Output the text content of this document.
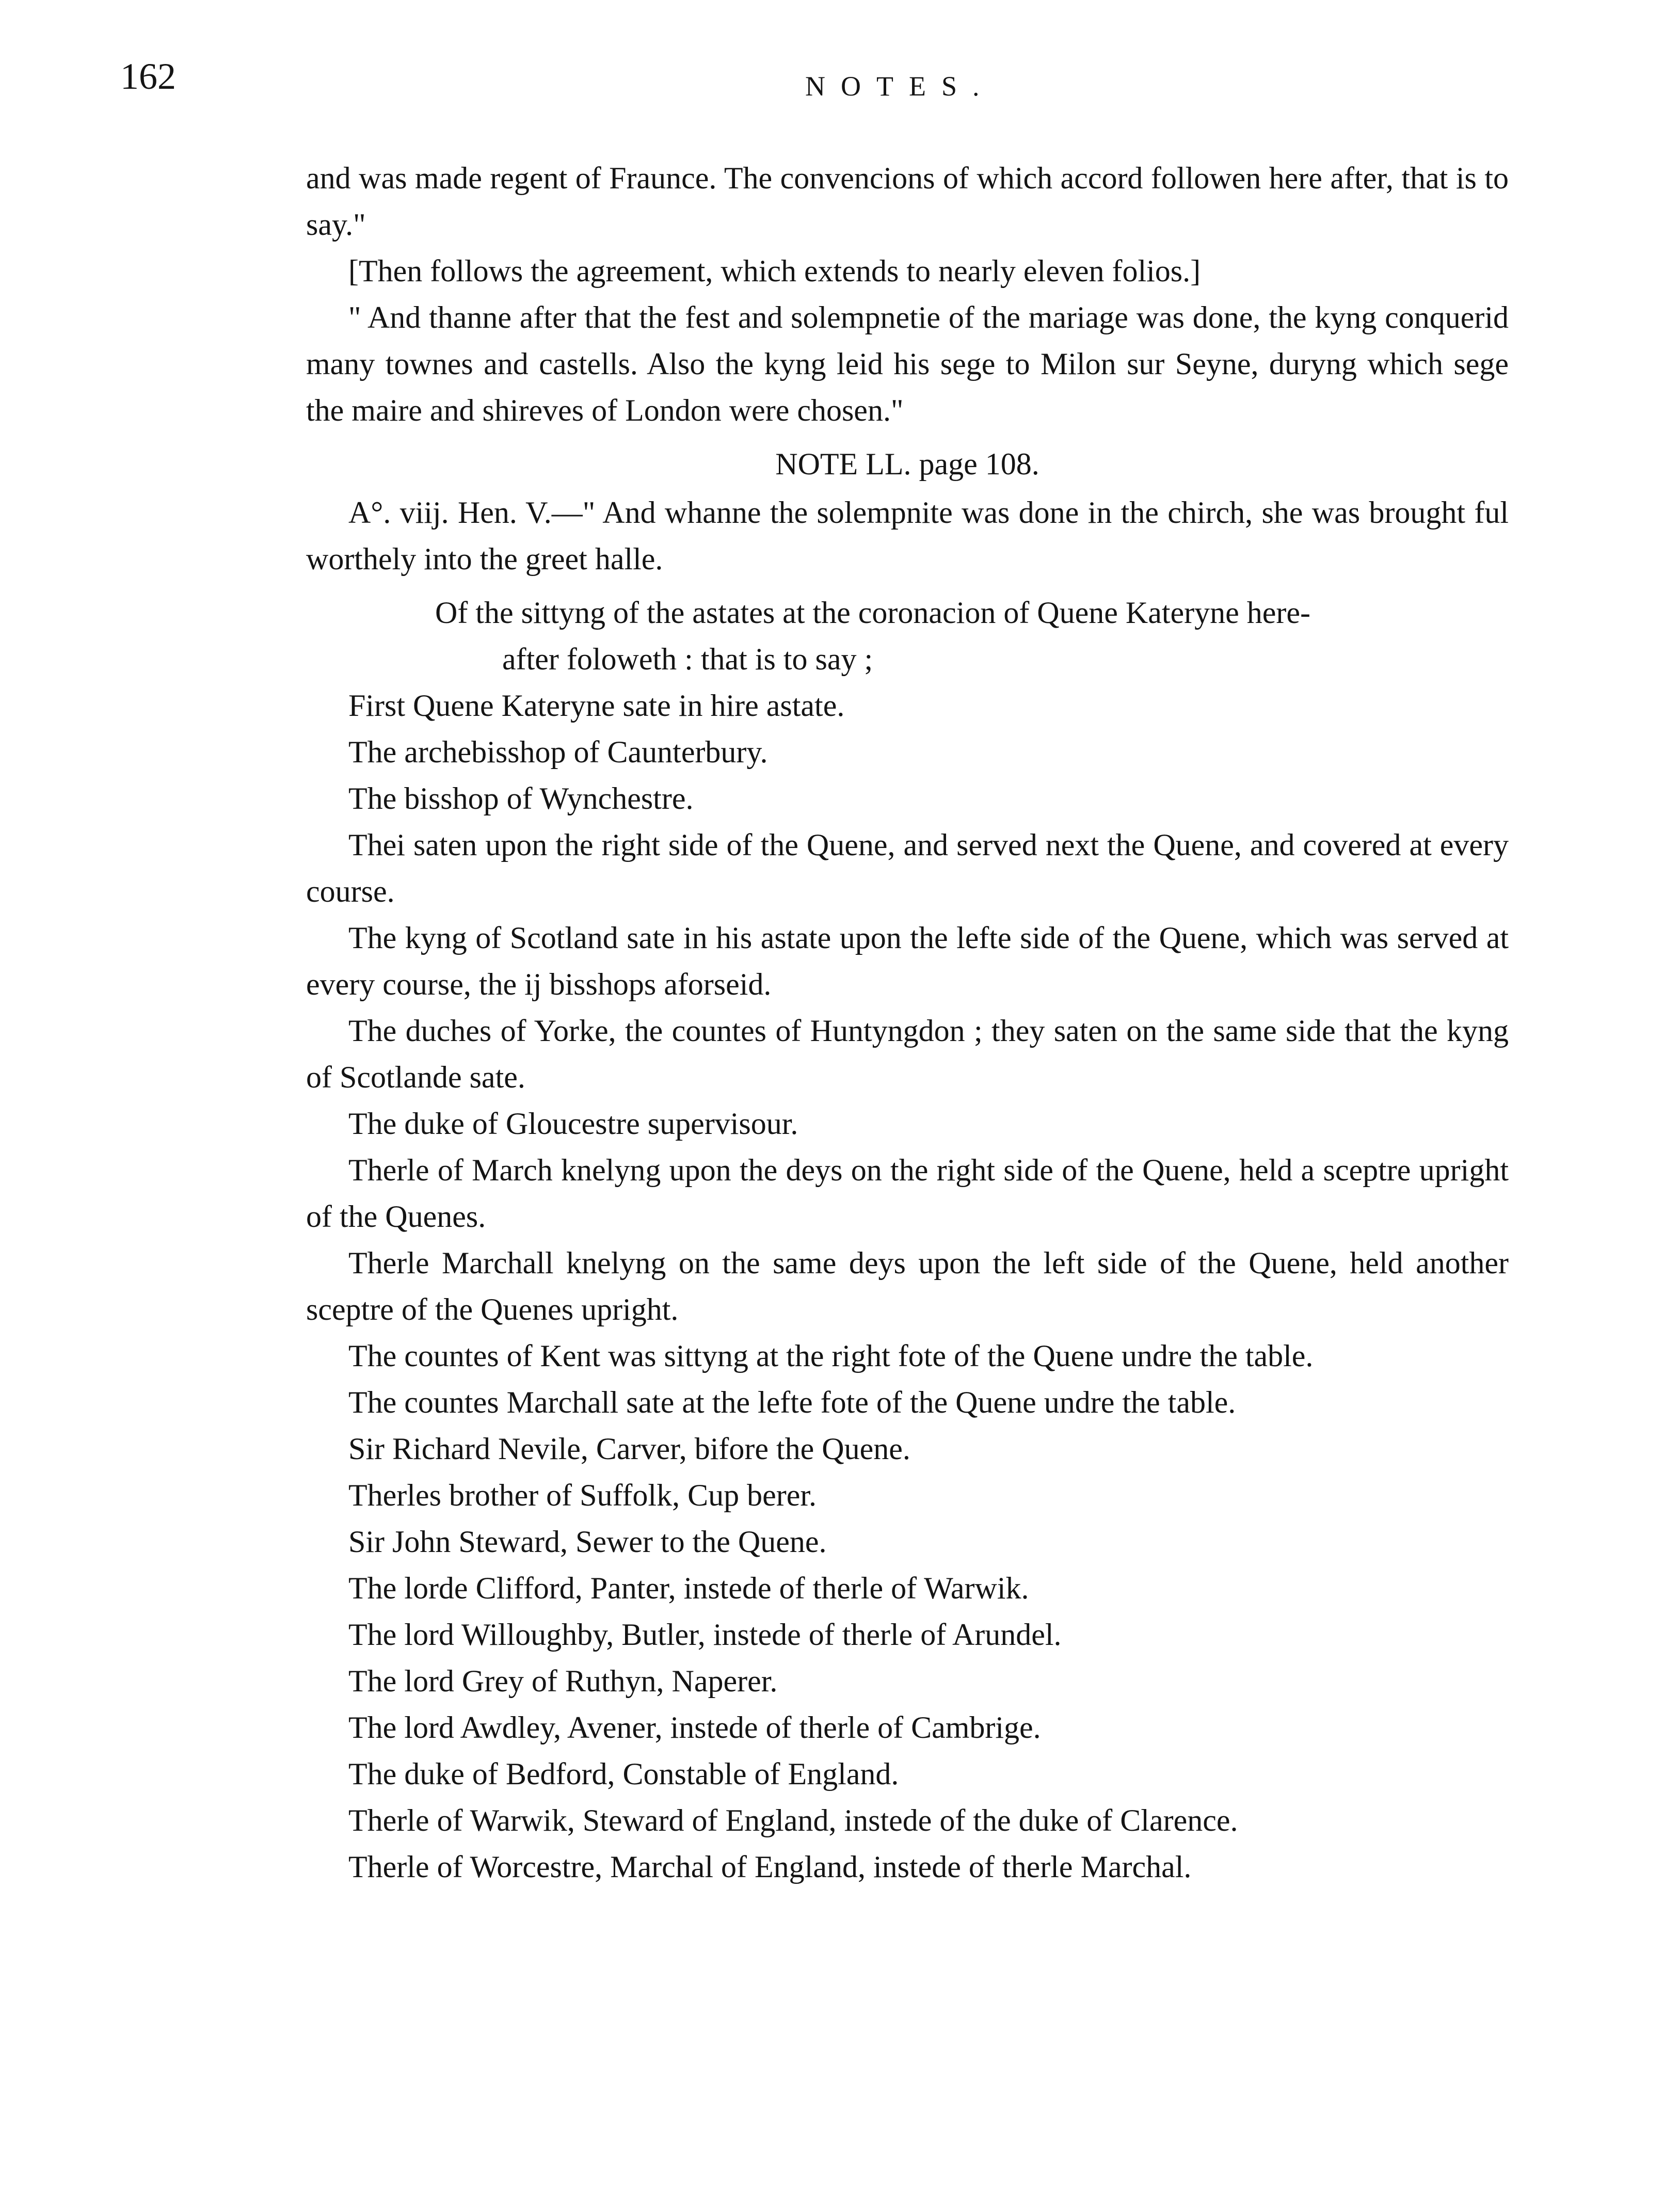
162	NOTES.

and was made regent of Fraunce. The convencions of which accord followen here after, that is to say."

[Then follows the agreement, which extends to nearly eleven folios.]

" And thanne after that the fest and solempnetie of the mariage was done, the kyng conquerid many townes and castells. Also the kyng leid his sege to Milon sur Seyne, duryng which sege the maire and shireves of London were chosen."

NOTE LL. page 108.

A°. viij. Hen. V.—" And whanne the solempnite was done in the chirch, she was brought ful worthely into the greet halle.

Of the sittyng of the astates at the coronacion of Quene Kateryne here-

after foloweth : that is to say ;

First Quene Kateryne sate in hire astate.

The archebisshop of Caunterbury.

The bisshop of Wynchestre.

Thei saten upon the right side of the Quene, and served next the Quene, and covered at every course.

The kyng of Scotland sate in his astate upon the lefte side of the Quene, which was served at every course, the ij bisshops aforseid.

The duches of Yorke, the countes of Huntyngdon ; they saten on the same side that the kyng of Scotlande sate.

The duke of Gloucestre supervisour.

Therle of March knelyng upon the deys on the right side of the Quene, held a sceptre upright of the Quenes.

Therle Marchall knelyng on the same deys upon the left side of the Quene, held another sceptre of the Quenes upright.

The countes of Kent was sittyng at the right fote of the Quene undre the table.

The countes Marchall sate at the lefte fote of the Quene undre the table.

Sir Richard Nevile, Carver, bifore the Quene.

Therles brother of Suffolk, Cup berer.

Sir John Steward, Sewer to the Quene.

The lorde Clifford, Panter, instede of therle of Warwik.

The lord Willoughby, Butler, instede of therle of Arundel.

The lord Grey of Ruthyn, Naperer.

The lord Awdley, Avener, instede of therle of Cambrige.

The duke of Bedford, Constable of England.

Therle of Warwik, Steward of England, instede of the duke of Clarence.

Therle of Worcestre, Marchal of England, instede of therle Marchal.
